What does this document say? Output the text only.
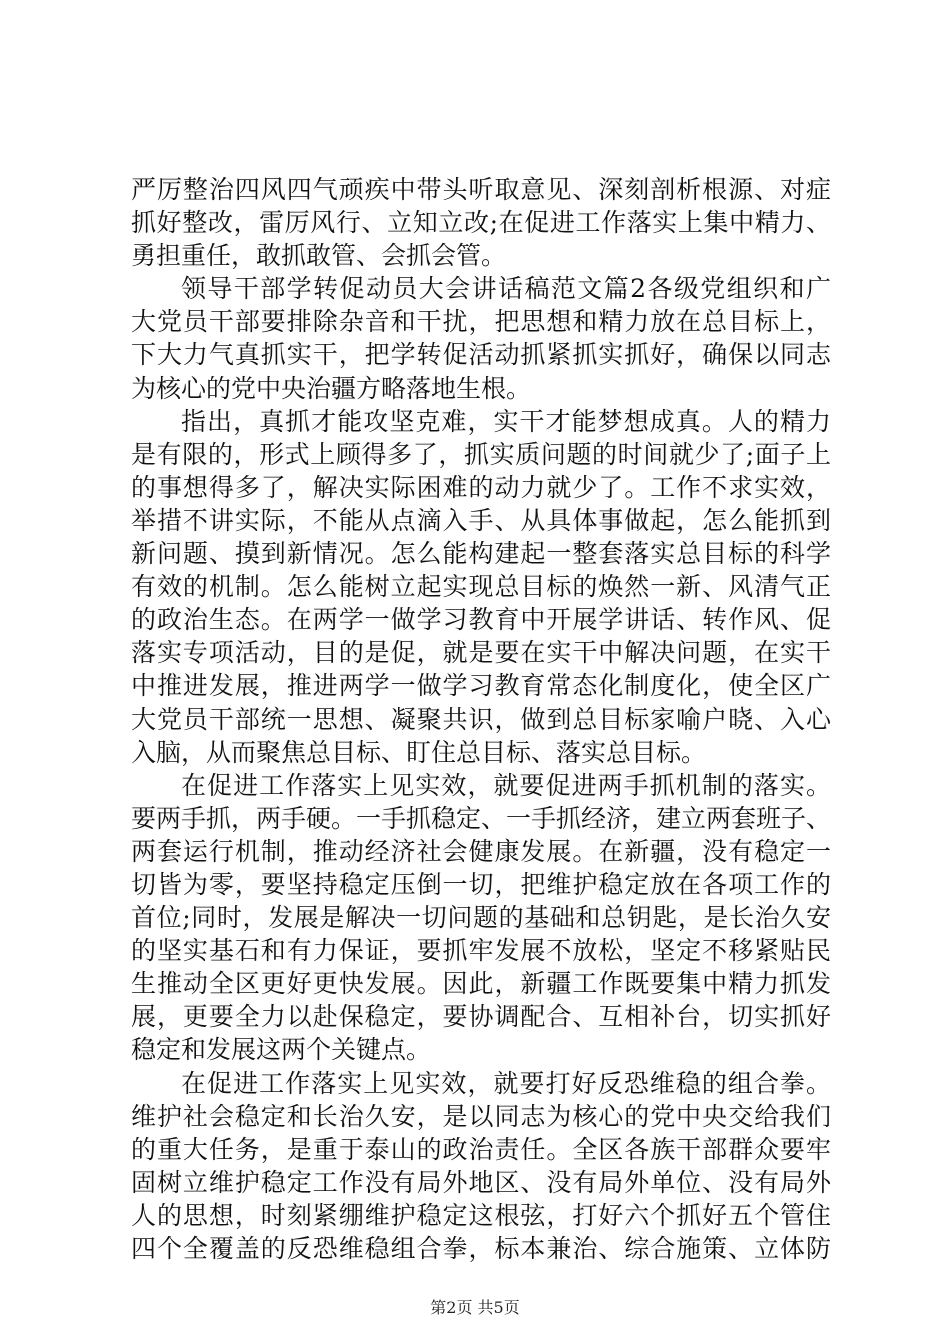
严厉整治四风四气顽疾中带头听取意见、深刻剖析根源、对症
抓好整改，雷厉风行、立知立改;在促进工作落实上集中精力、
勇担重任，敢抓敢管、会抓会管。
领导干部学转促动员大会讲话稿范文篇2各级党组织和广
大党员干部要排除杂音和干扰，把思想和精力放在总目标上，
下大力气真抓实干，把学转促活动抓紧抓实抓好，确保以同志
为核心的党中央治疆方略落地生根。
指出，真抓才能攻坚克难，实干才能梦想成真。人的精力
是有限的，形式上顾得多了，抓实质问题的时间就少了;面子上
的事想得多了，解决实际困难的动力就少了。工作不求实效，
举措不讲实际，不能从点滴入手、从具体事做起，怎么能抓到
新问题、摸到新情况。怎么能构建起一整套落实总目标的科学
有效的机制。怎么能树立起实现总目标的焕然一新、风清气正
的政治生态。在两学一做学习教育中开展学讲话、转作风、促
落实专项活动，目的是促，就是要在实干中解决问题，在实干
中推进发展，推进两学一做学习教育常态化制度化，使全区广
大党员干部统一思想、凝聚共识，做到总目标家喻户晓、入心
入脑，从而聚焦总目标、盯住总目标、落实总目标。
在促进工作落实上见实效，就要促进两手抓机制的落实。
要两手抓，两手硬。一手抓稳定、一手抓经济，建立两套班子、
两套运行机制，推动经济社会健康发展。在新疆，没有稳定一
切皆为零，要坚持稳定压倒一切，把维护稳定放在各项工作的
首位;同时，发展是解决一切问题的基础和总钥匙，是长治久安
的坚实基石和有力保证，要抓牢发展不放松，坚定不移紧贴民
生推动全区更好更快发展。因此，新疆工作既要集中精力抓发
展，更要全力以赴保稳定，要协调配合、互相补台，切实抓好
稳定和发展这两个关键点。
在促进工作落实上见实效，就要打好反恐维稳的组合拳。
维护社会稳定和长治久安，是以同志为核心的党中央交给我们
的重大任务，是重于泰山的政治责任。全区各族干部群众要牢
固树立维护稳定工作没有局外地区、没有局外单位、没有局外
人的思想，时刻紧绷维护稳定这根弦，打好六个抓好五个管住
四个全覆盖的反恐维稳组合拳，标本兼治、综合施策、立体防
第2页 共5页
